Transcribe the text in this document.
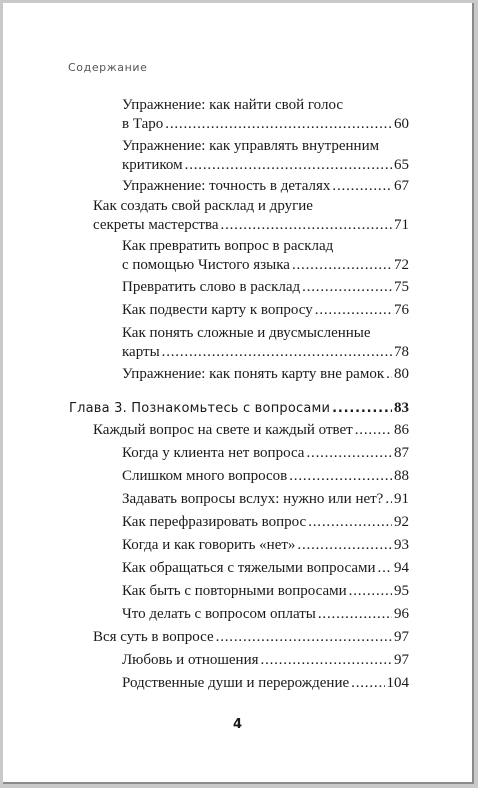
Содержание
Упражнение: как найти свой голос
в Таро .....	60
Упражнение: как управлять внутренним
критиком .....	65
Упражнение: точность в деталях .....	67
Как создать свой расклад и другие
секреты мастерства .....	71
Как превратить вопрос в расклад
с помощью Чистого языка .....	72
Превратить слово в расклад .....	75
Как подвести карту к вопросу .....	76
Как понять сложные и двусмысленные
карты .....	78
Упражнение: как понять карту вне рамок ..... 80
Глава 3. Познакомьтесь с вопросами .....	83
Каждый вопрос на свете и каждый ответ .....	86
Когда у клиента нет вопроса .....	87
Слишком много вопросов .....	88
Задавать вопросы вслух: нужно или нет? ..... 91
Как перефразировать вопрос .....	92
Когда и как говорить «нет» .....	93
Как обращаться с тяжелыми вопросами ..... 94
Как быть с повторными вопросами .....	95
Что делать с вопросом оплаты .....	96
Вся суть в вопросе .....	97
Любовь и отношения .....	97
Родственные души и перерождение ..... 104
4
